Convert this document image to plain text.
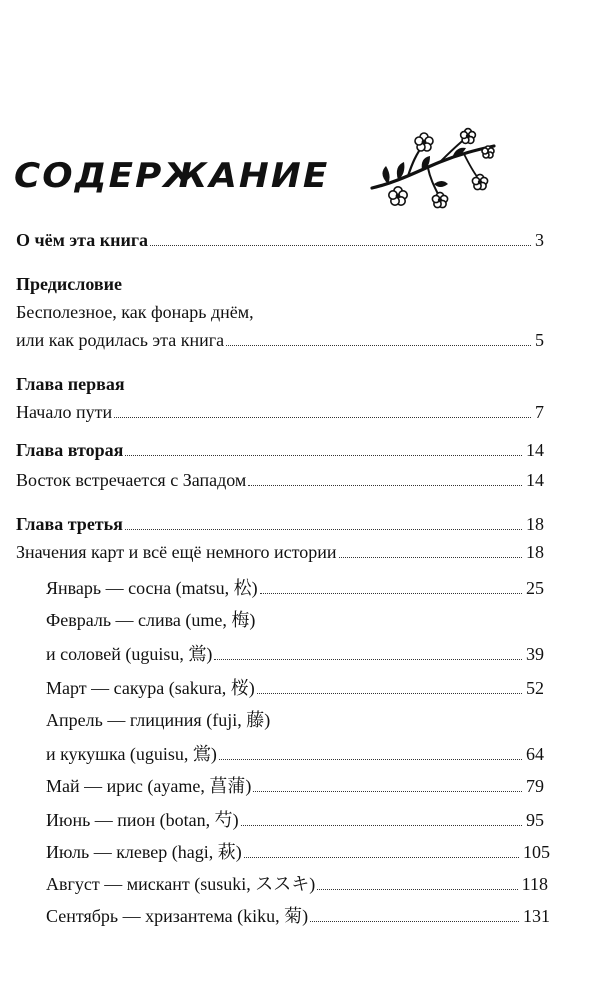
СОДЕРЖАНИЕ
О чём эта книга	3
Предисловие
Бесполезное, как фонарь днём,
или как родилась эта книга	5
Глава первая
Начало пути	7
Глава вторая	14
Восток встречается с Западом	14
Глава третья	18
Значения карт и всё ещё немного истории	18
Январь — сосна (matsu, 松)	25
Февраль — слива (ume, 梅)
и соловей (uguisu, 鴬)	39
Март — сакура (sakura, 桜)	52
Апрель — глициния (fuji, 藤)
и кукушка (uguisu, 鴬)	64
Май — ирис (ayame, 菖蒲)	79
Июнь — пион (botan, 芍)	95
Июль — клевер (hagi, 萩)	105
Август — мискант (susuki, ススキ)	118
Сентябрь — хризантема (kiku, 菊)	131
